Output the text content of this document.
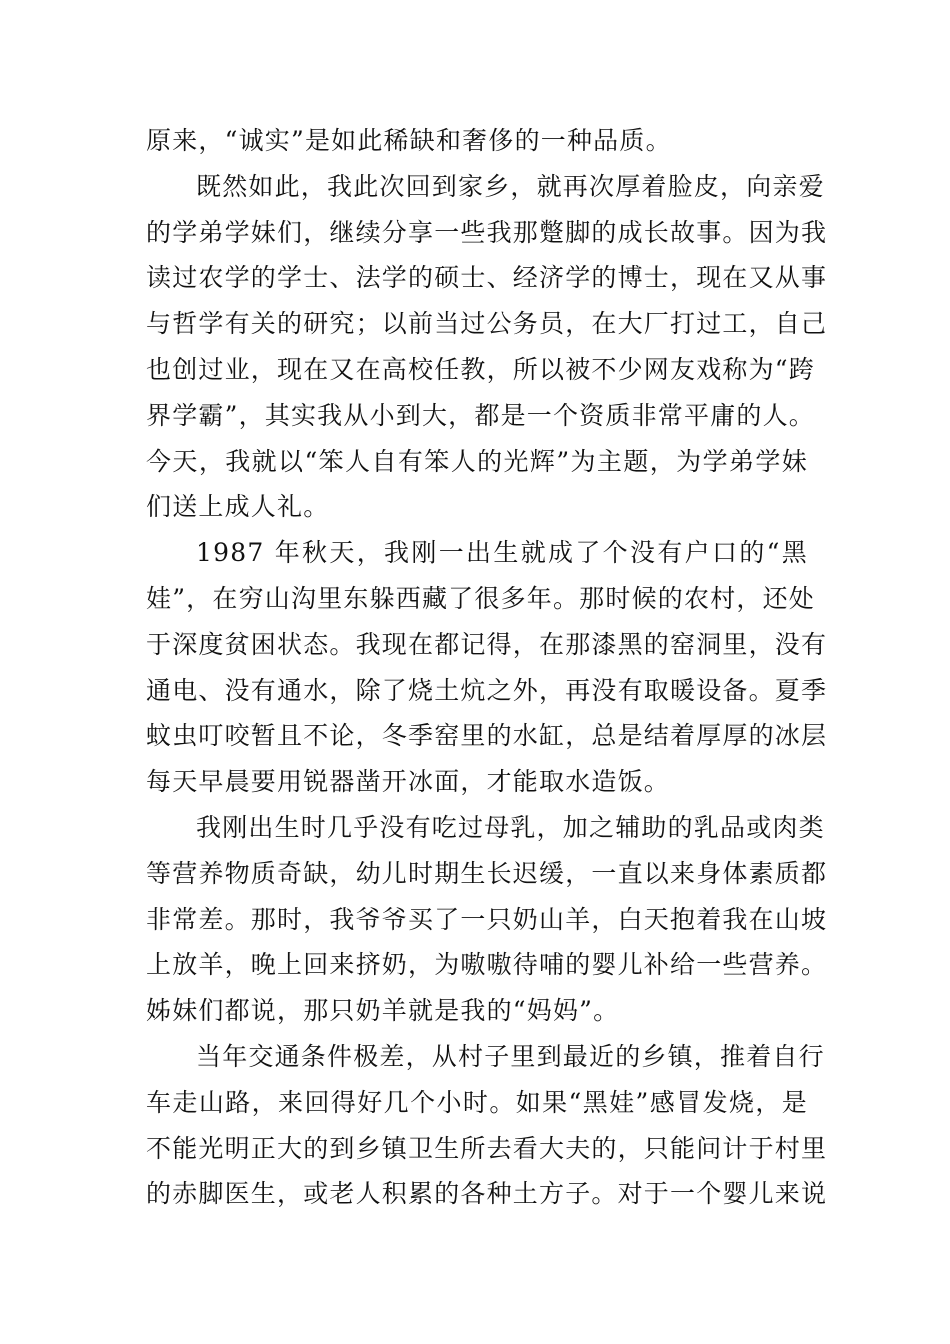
原来，“诚实”是如此稀缺和奢侈的一种品质。
既然如此，我此次回到家乡，就再次厚着脸皮，向亲爱
的学弟学妹们，继续分享一些我那蹩脚的成长故事。因为我
读过农学的学士、法学的硕士、经济学的博士，现在又从事
与哲学有关的研究；以前当过公务员，在大厂打过工，自己
也创过业，现在又在高校任教，所以被不少网友戏称为“跨
界学霸”，其实我从小到大，都是一个资质非常平庸的人。
今天，我就以“笨人自有笨人的光辉”为主题，为学弟学妹
们送上成人礼。
1987 年秋天，我刚一出生就成了个没有户口的“黑
娃”，在穷山沟里东躲西藏了很多年。那时候的农村，还处
于深度贫困状态。我现在都记得，在那漆黑的窑洞里，没有
通电、没有通水，除了烧土炕之外，再没有取暖设备。夏季
蚊虫叮咬暂且不论，冬季窑里的水缸，总是结着厚厚的冰层
每天早晨要用锐器凿开冰面，才能取水造饭。
我刚出生时几乎没有吃过母乳，加之辅助的乳品或肉类
等营养物质奇缺，幼儿时期生长迟缓，一直以来身体素质都
非常差。那时，我爷爷买了一只奶山羊，白天抱着我在山坡
上放羊，晚上回来挤奶，为嗷嗷待哺的婴儿补给一些营养。
姊妹们都说，那只奶羊就是我的“妈妈”。
当年交通条件极差，从村子里到最近的乡镇，推着自行
车走山路，来回得好几个小时。如果“黑娃”感冒发烧，是
不能光明正大的到乡镇卫生所去看大夫的，只能问计于村里
的赤脚医生，或老人积累的各种土方子。对于一个婴儿来说
